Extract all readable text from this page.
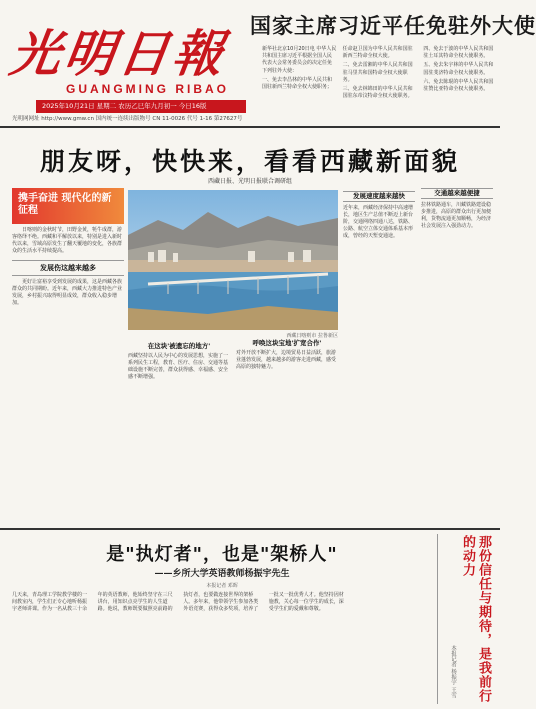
光明日報
GUANGMING RIBAO
2025年10月21日 星期二 农历乙巳年九月初一 今日16版
光明网网址 http://www.gmw.cn 国内统一连续出版物号 CN 11-0026 代号 1-16 第27627号
国家主席习近平任免驻外大使

新华社北京10月20日电 中华人民共和国主席习近平根据全国人民代表大会常务委员会的决定任免下列驻外大使：

一、免去李昌林的中华人民共和国驻新西兰特命全权大使职务；任命赵卫国为中华人民共和国驻新西兰特命全权大使。

二、免去雷湘的中华人民共和国驻马里共和国特命全权大使职务。

三、免去林锦田的中华人民共和国驻东帝汶特命全权大使职务。

四、免去于波的中华人民共和国驻土耳其特命全权大使职务。

五、免去朱宇林的中华人民共和国驻斐济特命全权大使职务。

六、免去陈琨的中华人民共和国驻赞比亚特命全权大使职务。

朋友呀，快快来，看看西藏新面貌
西藏日报、光明日报联合调研组
携手奋进 现代化的新征程

日喀则的金秋时节，田野金黄，牦牛成群，游客络绎不绝。西藏和平解放以来，特别是进入新时代以来，雪域高原发生了翻天覆地的变化，各族群众的生活水平持续提高。

发展伤这越来越多

更好让富裕享受到发展的成果，这是西藏各族群众的共同期盼。近年来，西藏大力推进特色产业发展，乡村振兴取得明显成效，群众收入稳步增加。

西藏日喀则市 拉鲁新区
在这块'被遗忘的地方'

西藏坚持以人民为中心的发展思想，实施了一系列民生工程，教育、医疗、住房、交通等基础设施不断完善，群众获得感、幸福感、安全感不断增强。

呼唤这块宝地'扩宽合作'

对外开放不断扩大，边境贸易日益活跃，旅游业蓬勃发展，越来越多的游客走进西藏，感受高原的独特魅力。

发展速度越来越快

近年来，西藏经济保持中高速增长，地区生产总值不断迈上新台阶，交通网络四通八达，铁路、公路、航空立体交通体系基本形成，曾经的天堑变通途。

交通越来越便捷

拉林铁路通车，川藏铁路建设稳步推进，高原的群众出行更加便利，货物流通更加顺畅，为经济社会发展注入强劲动力。

是"执灯者"，也是"架桥人"
——乡所大学英语教师杨振宇先生
本报记者 邓晖
几天来，青岛理工学院教学楼的一间教室内，学生们正专心地听杨振宇老师讲课。作为一名从教三十余年的英语教师，他始终坚守在三尺讲台，用知识点亮学生的人生道路。他说，教师既要做照亮前路的执灯者，也要做连接世界的架桥人。多年来，他带领学生参加各类外语竞赛，获得众多奖项，培养了一批又一批优秀人才。他坚持因材施教，关心每一位学生的成长，深受学生们的爱戴和尊敬。	那份信任与期待，是我前行的动力
本报记者 杨振宇 王雪
